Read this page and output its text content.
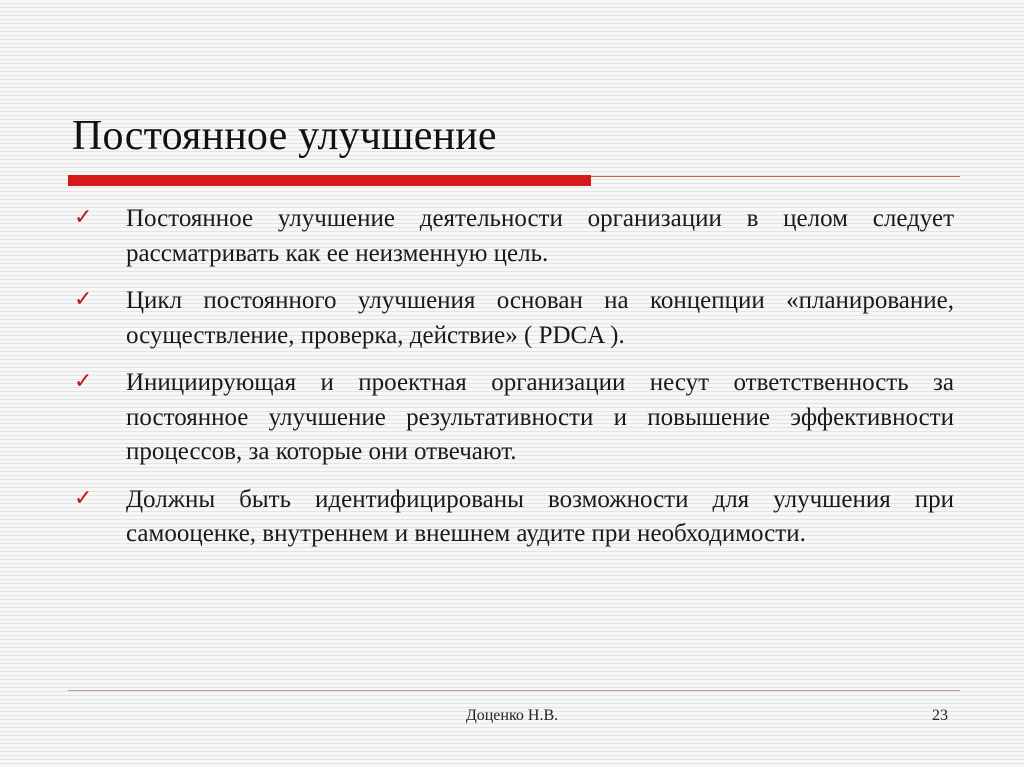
Постоянное улучшение
✓ Постоянное улучшение деятельности организации в целом следует рассматривать как ее неизменную цель.
✓ Цикл постоянного улучшения основан на концепции «планирование, осуществление, проверка, действие» ( PDCA ).
✓ Инициирующая и проектная организации несут ответственность за постоянное улучшение результативности и повышение эффективности процессов, за которые они отвечают.
✓ Должны быть идентифицированы возможности для улучшения при самооценке, внутреннем и внешнем аудите при необходимости.
Доценко Н.В.	23
